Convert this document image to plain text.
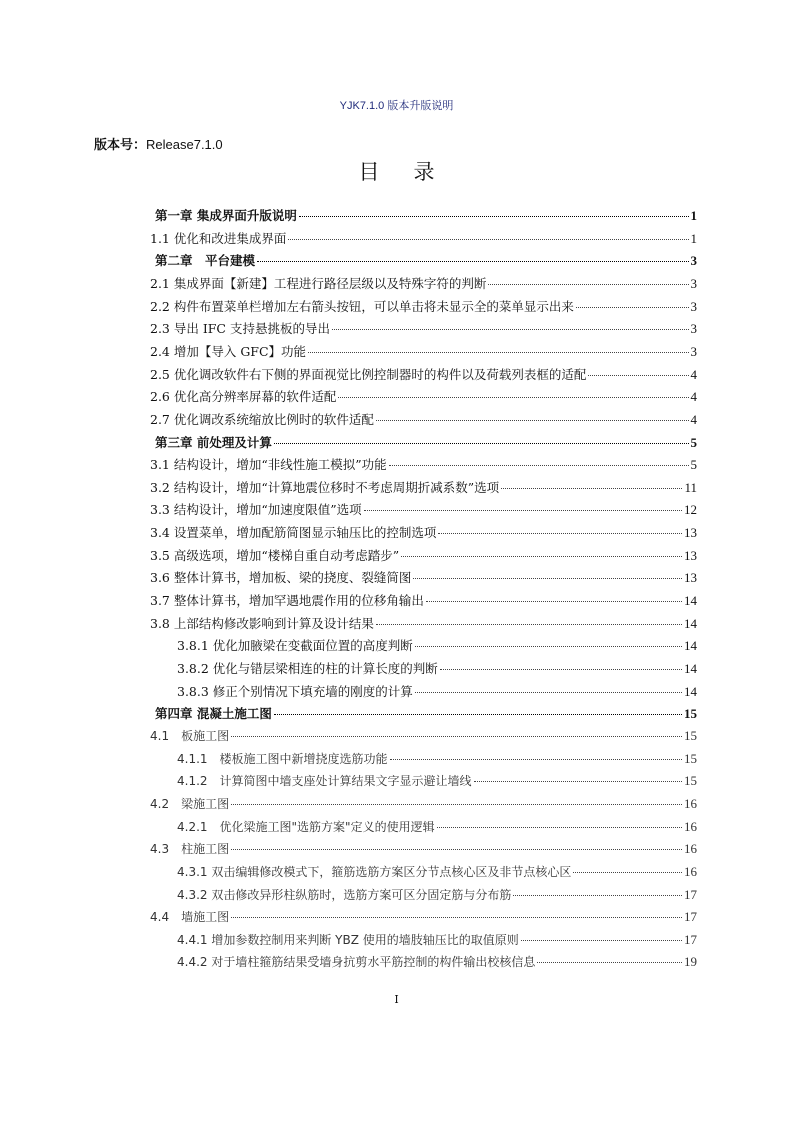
YJK7.1.0 版本升版说明
版本号：Release7.1.0
目录
第一章 集成界面升版说明	1
1.1 优化和改进集成界面	1
第二章　平台建模	3
2.1 集成界面【新建】工程进行路径层级以及特殊字符的判断	3
2.2 构件布置菜单栏增加左右箭头按钮，可以单击将未显示全的菜单显示出来	3
2.3 导出 IFC 支持悬挑板的导出	3
2.4 增加【导入 GFC】功能	3
2.5 优化调改软件右下侧的界面视觉比例控制器时的构件以及荷载列表框的适配	4
2.6 优化高分辨率屏幕的软件适配	4
2.7 优化调改系统缩放比例时的软件适配	4
第三章 前处理及计算	5
3.1 结构设计，增加“非线性施工模拟”功能	5
3.2 结构设计，增加“计算地震位移时不考虑周期折减系数”选项	11
3.3 结构设计，增加“加速度限值”选项	12
3.4 设置菜单，增加配筋简图显示轴压比的控制选项	13
3.5 高级选项，增加“楼梯自重自动考虑踏步”	13
3.6 整体计算书，增加板、梁的挠度、裂缝简图	13
3.7 整体计算书，增加罕遇地震作用的位移角输出	14
3.8 上部结构修改影响到计算及设计结果	14
3.8.1 优化加腋梁在变截面位置的高度判断	14
3.8.2 优化与错层梁相连的柱的计算长度的判断	14
3.8.3 修正个别情况下填充墙的刚度的计算	14
第四章 混凝土施工图	15
4.1　板施工图	15
4.1.1　楼板施工图中新增挠度选筋功能	15
4.1.2　计算简图中墙支座处计算结果文字显示避让墙线	15
4.2　梁施工图	16
4.2.1　优化梁施工图"选筋方案"定义的使用逻辑	16
4.3　柱施工图	16
4.3.1 双击编辑修改模式下，箍筋选筋方案区分节点核心区及非节点核心区	16
4.3.2 双击修改异形柱纵筋时，选筋方案可区分固定筋与分布筋	17
4.4　墙施工图	17
4.4.1 增加参数控制用来判断 YBZ 使用的墙肢轴压比的取值原则	17
4.4.2 对于墙柱箍筋结果受墙身抗剪水平筋控制的构件输出校核信息	19
I
